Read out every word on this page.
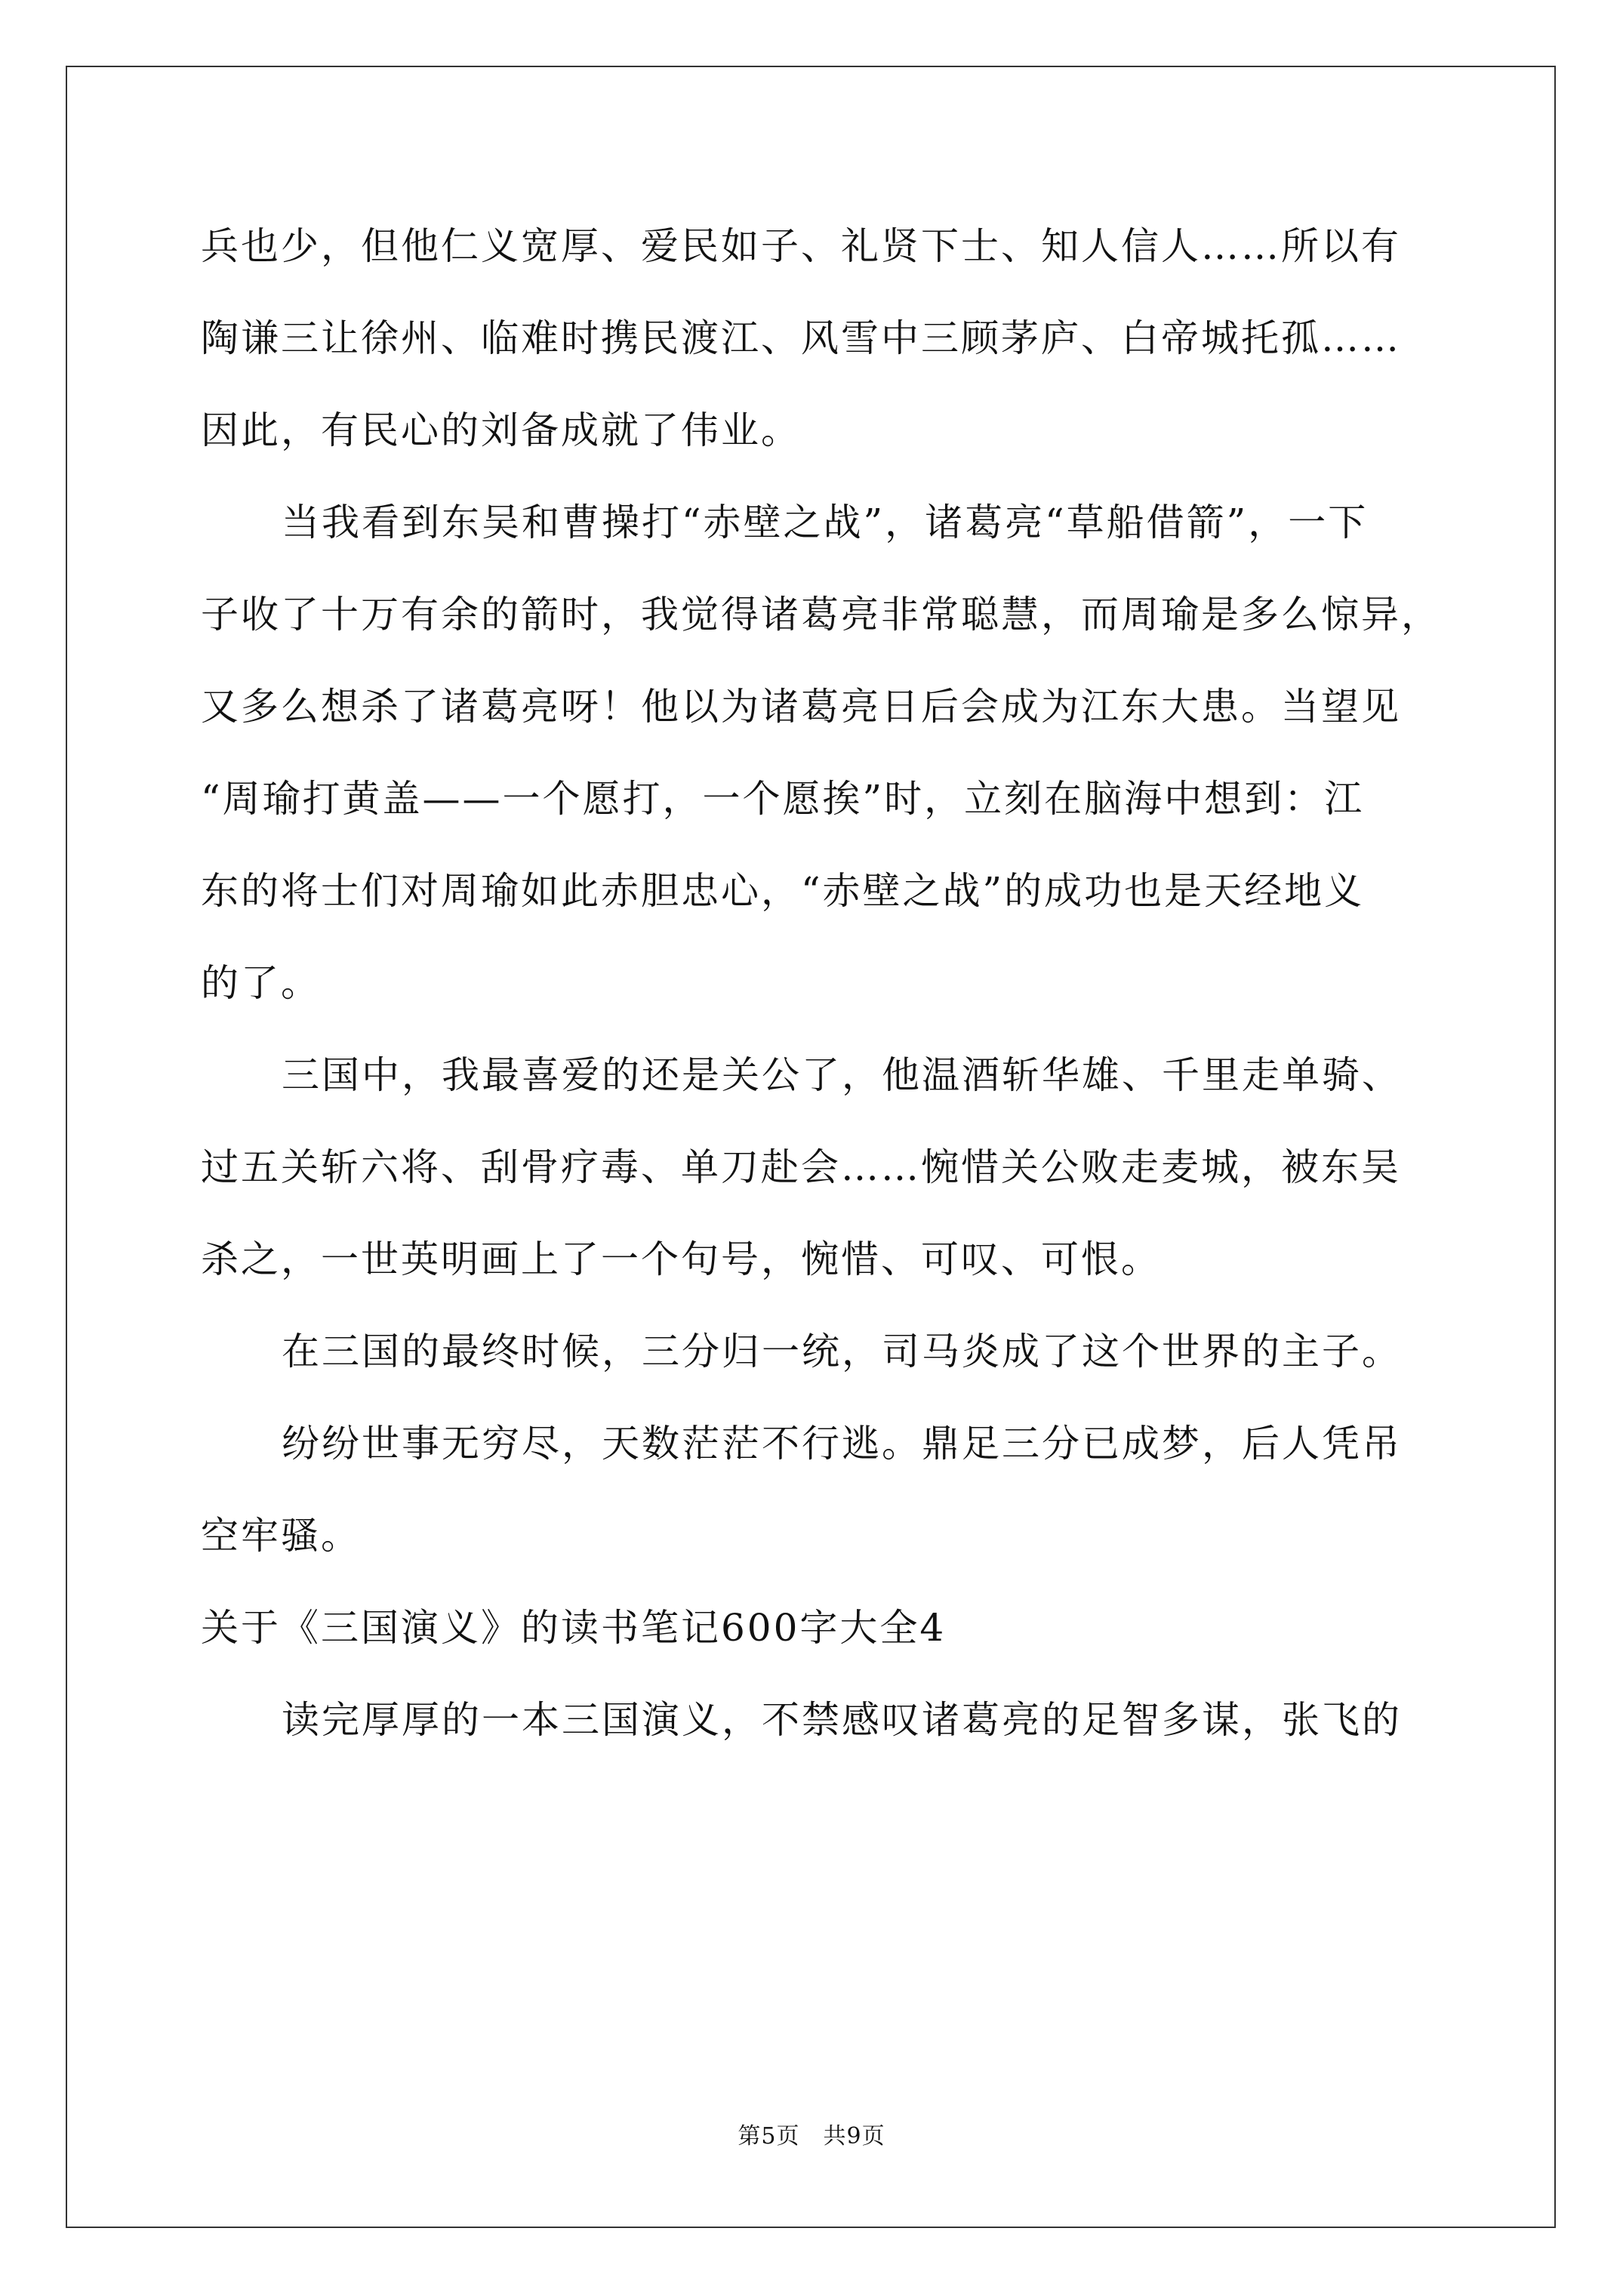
兵也少，但他仁义宽厚、爱民如子、礼贤下士、知人信人……所以有

陶谦三让徐州、临难时携民渡江、风雪中三顾茅庐、白帝城托孤……

因此，有民心的刘备成就了伟业。

当我看到东吴和曹操打“赤壁之战”，诸葛亮“草船借箭”，一下

子收了十万有余的箭时，我觉得诸葛亮非常聪慧，而周瑜是多么惊异，

又多么想杀了诸葛亮呀！他以为诸葛亮日后会成为江东大患。当望见

“周瑜打黄盖——一个愿打，一个愿挨”时，立刻在脑海中想到：江

东的将士们对周瑜如此赤胆忠心，“赤壁之战”的成功也是天经地义

的了。

三国中，我最喜爱的还是关公了，他温酒斩华雄、千里走单骑、

过五关斩六将、刮骨疗毒、单刀赴会……惋惜关公败走麦城，被东吴

杀之，一世英明画上了一个句号，惋惜、可叹、可恨。

在三国的最终时候，三分归一统，司马炎成了这个世界的主子。

纷纷世事无穷尽，天数茫茫不行逃。鼎足三分已成梦，后人凭吊

空牢骚。

关于《三国演义》的读书笔记600字大全4

读完厚厚的一本三国演义，不禁感叹诸葛亮的足智多谋，张飞的

第5页　共9页
